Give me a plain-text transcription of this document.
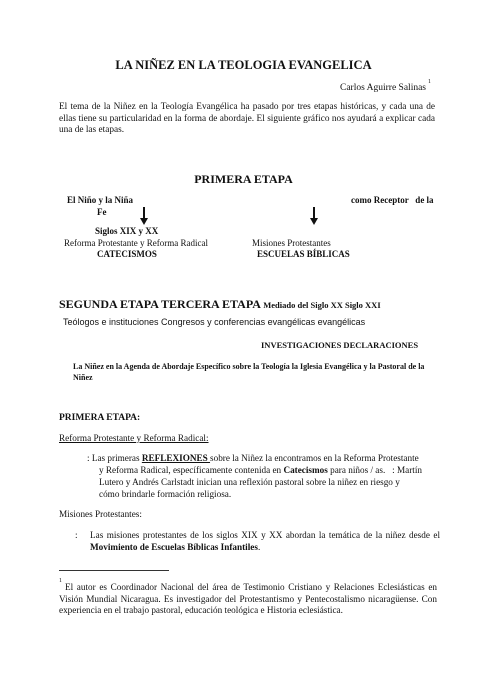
LA NIÑEZ EN LA TEOLOGIA EVANGELICA
Carlos Aguirre Salinas$^1$
El tema de la Niñez en la Teología Evangélica ha pasado por tres etapas históricas, y cada una de ellas tiene su particularidad en la forma de abordaje. El siguiente gráfico nos ayudará a explicar cada una de las etapas.
PRIMERA ETAPA
El Niño y la Niña
Fe
como Receptor   de la
Siglos XIX y XX
Reforma Protestante y Reforma Radical
CATECISMOS
Misiones Protestantes
ESCUELAS BÍBLICAS
SEGUNDA ETAPA TERCERA ETAPA Mediado del Siglo XX Siglo XXI
Teólogos e instituciones Congresos y conferencias evangélicas evangélicas
INVESTIGACIONES DECLARACIONES
La Niñez en la Agenda de Abordaje Específico sobre la Teología la Iglesia Evangélica y la Pastoral de la Niñez
PRIMERA ETAPA:
Reforma Protestante y Reforma Radical:
: Las primeras REFLEXIONES sobre la Niñez la encontramos en la Reforma Protestante
y Reforma Radical, específicamente contenida en Catecismos para niños / as.   : Martín
Lutero y Andrés Carlstadt inician una reflexión pastoral sobre la niñez en riesgo y
cómo brindarle formación religiosa.
Misiones Protestantes:
: Las misiones protestantes de los siglos XIX y XX abordan la temática de la niñez desde el Movimiento de Escuelas Bíblicas Infantiles.
1
El autor es Coordinador Nacional del área de Testimonio Cristiano y Relaciones Eclesiásticas en Visión Mundial Nicaragua. Es investigador del Protestantismo y Pentecostalismo nicaragüense. Con experiencia en el trabajo pastoral, educación teológica e Historia eclesiástica.
